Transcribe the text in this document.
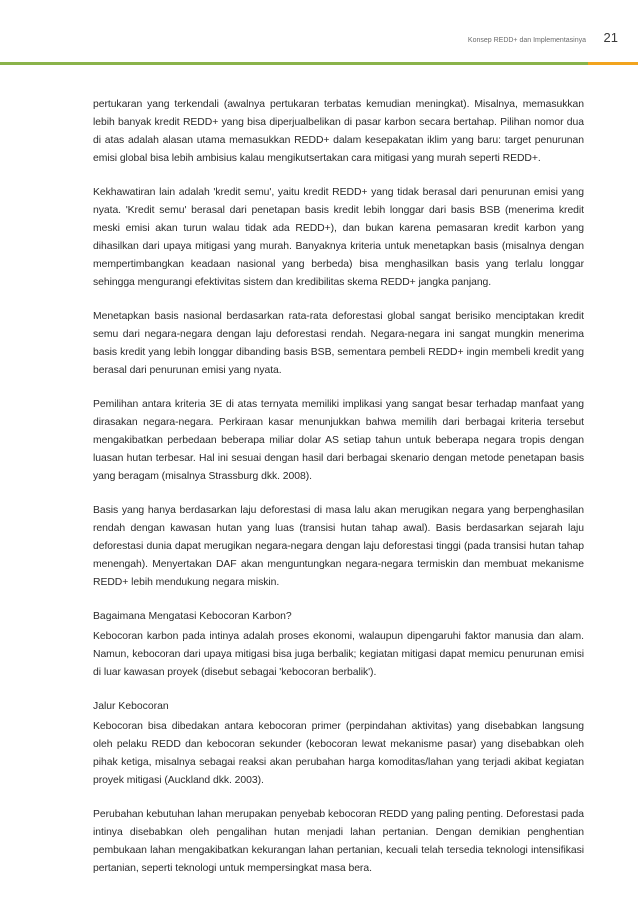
Konsep REDD+ dan Implementasinya 21

pertukaran yang terkendali (awalnya pertukaran terbatas kemudian meningkat). Misalnya, memasukkan lebih banyak kredit REDD+ yang bisa diperjualbelikan di pasar karbon secara bertahap. Pilihan nomor dua di atas adalah alasan utama memasukkan REDD+ dalam kesepakatan iklim yang baru: target penurunan emisi global bisa lebih ambisius kalau mengikutsertakan cara mitigasi yang murah seperti REDD+.

Kekhawatiran lain adalah 'kredit semu', yaitu kredit REDD+ yang tidak berasal dari penurunan emisi yang nyata. 'Kredit semu' berasal dari penetapan basis kredit lebih longgar dari basis BSB (menerima kredit meski emisi akan turun walau tidak ada REDD+), dan bukan karena pemasaran kredit karbon yang dihasilkan dari upaya mitigasi yang murah. Banyaknya kriteria untuk menetapkan basis (misalnya dengan mempertimbangkan keadaan nasional yang berbeda) bisa menghasilkan basis yang terlalu longgar sehingga mengurangi efektivitas sistem dan kredibilitas skema REDD+ jangka panjang.

Menetapkan basis nasional berdasarkan rata-rata deforestasi global sangat berisiko menciptakan kredit semu dari negara-negara dengan laju deforestasi rendah. Negara-negara ini sangat mungkin menerima basis kredit yang lebih longgar dibanding basis BSB, sementara pembeli REDD+ ingin membeli kredit yang berasal dari penurunan emisi yang nyata.

Pemilihan antara kriteria 3E di atas ternyata memiliki implikasi yang sangat besar terhadap manfaat yang dirasakan negara-negara. Perkiraan kasar menunjukkan bahwa memilih dari berbagai kriteria tersebut mengakibatkan perbedaan beberapa miliar dolar AS setiap tahun untuk beberapa negara tropis dengan luasan hutan terbesar. Hal ini sesuai dengan hasil dari berbagai skenario dengan metode penetapan basis yang beragam (misalnya Strassburg dkk. 2008).

Basis yang hanya berdasarkan laju deforestasi di masa lalu akan merugikan negara yang berpenghasilan rendah dengan kawasan hutan yang luas (transisi hutan tahap awal). Basis berdasarkan sejarah laju deforestasi dunia dapat merugikan negara-negara dengan laju deforestasi tinggi (pada transisi hutan tahap menengah). Menyertakan DAF akan menguntungkan negara-negara termiskin dan membuat mekanisme REDD+ lebih mendukung negara miskin.

Bagaimana Mengatasi Kebocoran Karbon?

Kebocoran karbon pada intinya adalah proses ekonomi, walaupun dipengaruhi faktor manusia dan alam. Namun, kebocoran dari upaya mitigasi bisa juga berbalik; kegiatan mitigasi dapat memicu penurunan emisi di luar kawasan proyek (disebut sebagai 'kebocoran berbalik').

Jalur Kebocoran

Kebocoran bisa dibedakan antara kebocoran primer (perpindahan aktivitas) yang disebabkan langsung oleh pelaku REDD dan kebocoran sekunder (kebocoran lewat mekanisme pasar) yang disebabkan oleh pihak ketiga, misalnya sebagai reaksi akan perubahan harga komoditas/lahan yang terjadi akibat kegiatan proyek mitigasi (Auckland dkk. 2003).

Perubahan kebutuhan lahan merupakan penyebab kebocoran REDD yang paling penting. Deforestasi pada intinya disebabkan oleh pengalihan hutan menjadi lahan pertanian. Dengan demikian penghentian pembukaan lahan mengakibatkan kekurangan lahan pertanian, kecuali telah tersedia teknologi intensifikasi pertanian, seperti teknologi untuk mempersingkat masa bera.
